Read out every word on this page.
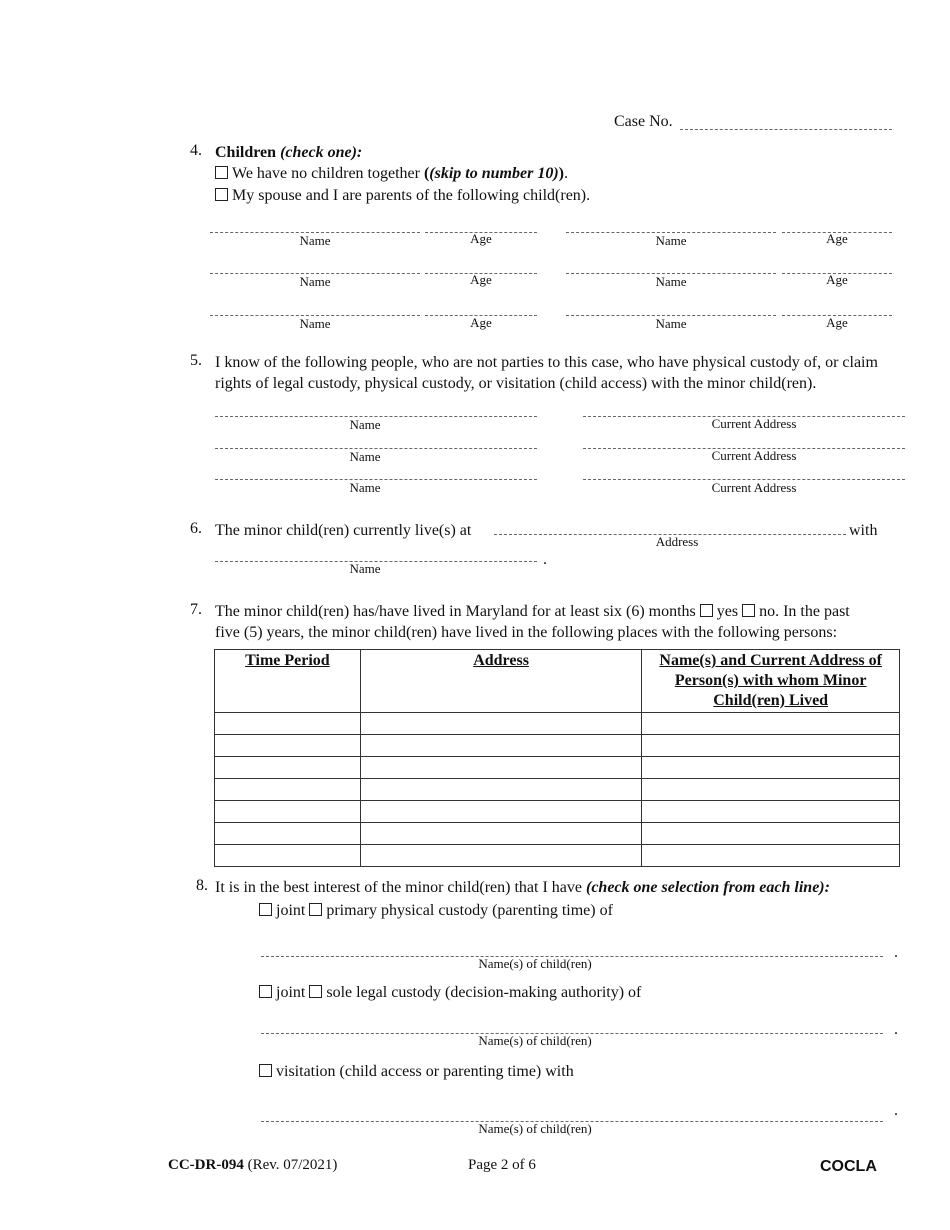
Case No.
4. Children (check one):
We have no children together ((skip to number 10)).
My spouse and I are parents of the following child(ren).
Name	Age	Name	Age
Name	Age	Name	Age
Name	Age	Name	Age
5. I know of the following people, who are not parties to this case, who have physical custody of, or claim
rights of legal custody, physical custody, or visitation (child access) with the minor child(ren).
Name	Current Address
Name	Current Address
Name	Current Address
6. The minor child(ren) currently live(s) at	with
Address
.
Name
7. The minor child(ren) has/have lived in Maryland for at least six (6) months yes no. In the past
five (5) years, the minor child(ren) have lived in the following places with the following persons:
Time Period	Address	Name(s) and Current Address of Person(s) with whom Minor Child(ren) Lived

8. It is in the best interest of the minor child(ren) that I have (check one selection from each line):
joint primary physical custody (parenting time) of
.
Name(s) of child(ren)
joint sole legal custody (decision-making authority) of
.
Name(s) of child(ren)
visitation (child access or parenting time) with
.
Name(s) of child(ren)
CC-DR-094 (Rev. 07/2021)	Page 2 of 6	COCLA
